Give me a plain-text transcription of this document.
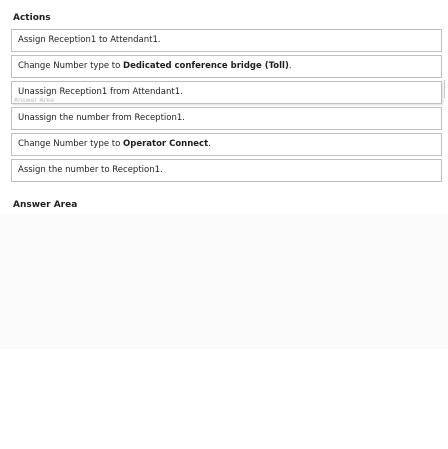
Actions
Assign Reception1 to Attendant1.
Change Number type to Dedicated conference bridge (Toll).
Unassign Reception1 from Attendant1.
Unassign the number from Reception1.
Change Number type to Operator Connect.
Assign the number to Reception1.
Answer Area
Answer Area
